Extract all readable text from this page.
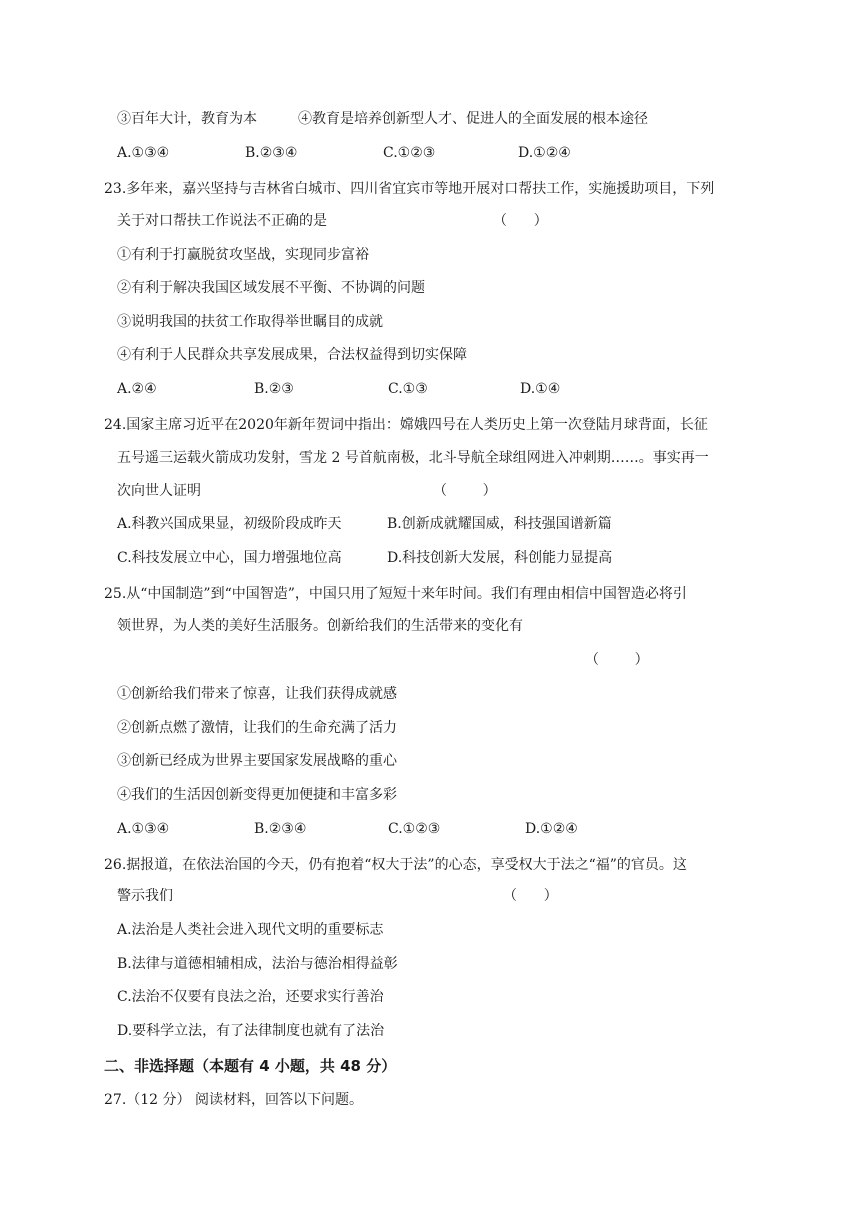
③百年大计，教育为本	④教育是培养创新型人才、促进人的全面发展的根本途径
A.①③④	B.②③④	C.①②③	D.①②④
23.多年来，嘉兴坚持与吉林省白城市、四川省宜宾市等地开展对口帮扶工作，实施援助项目，下列
关于对口帮扶工作说法不正确的是	（      ）
①有利于打赢脱贫攻坚战，实现同步富裕
②有利于解决我国区域发展不平衡、不协调的问题
③说明我国的扶贫工作取得举世瞩目的成就
④有利于人民群众共享发展成果，合法权益得到切实保障
A.②④	B.②③	C.①③	D.①④
24.国家主席习近平在2020年新年贺词中指出：嫦娥四号在人类历史上第一次登陆月球背面，长征
五号遥三运载火箭成功发射，雪龙 2 号首航南极，北斗导航全球组网进入冲刺期……。事实再一
次向世人证明	（        ）
A.科教兴国成果显，初级阶段成昨天	B.创新成就耀国威，科技强国谱新篇
C.科技发展立中心，国力增强地位高	D.科技创新大发展，科创能力显提高
25.从“中国制造”到“中国智造”，中国只用了短短十来年时间。我们有理由相信中国智造必将引
领世界，为人类的美好生活服务。创新给我们的生活带来的变化有
（        ）
①创新给我们带来了惊喜，让我们获得成就感
②创新点燃了激情，让我们的生命充满了活力
③创新已经成为世界主要国家发展战略的重心
④我们的生活因创新变得更加便捷和丰富多彩
A.①③④	B.②③④	C.①②③	D.①②④
26.据报道，在依法治国的今天，仍有抱着“权大于法”的心态，享受权大于法之“福”的官员。这
警示我们	（      ）
A.法治是人类社会进入现代文明的重要标志
B.法律与道德相辅相成，法治与德治相得益彰
C.法治不仅要有良法之治，还要求实行善治
D.要科学立法，有了法律制度也就有了法治
二、非选择题（本题有 4 小题，共 48 分）
27.（12 分） 阅读材料，回答以下问题。
